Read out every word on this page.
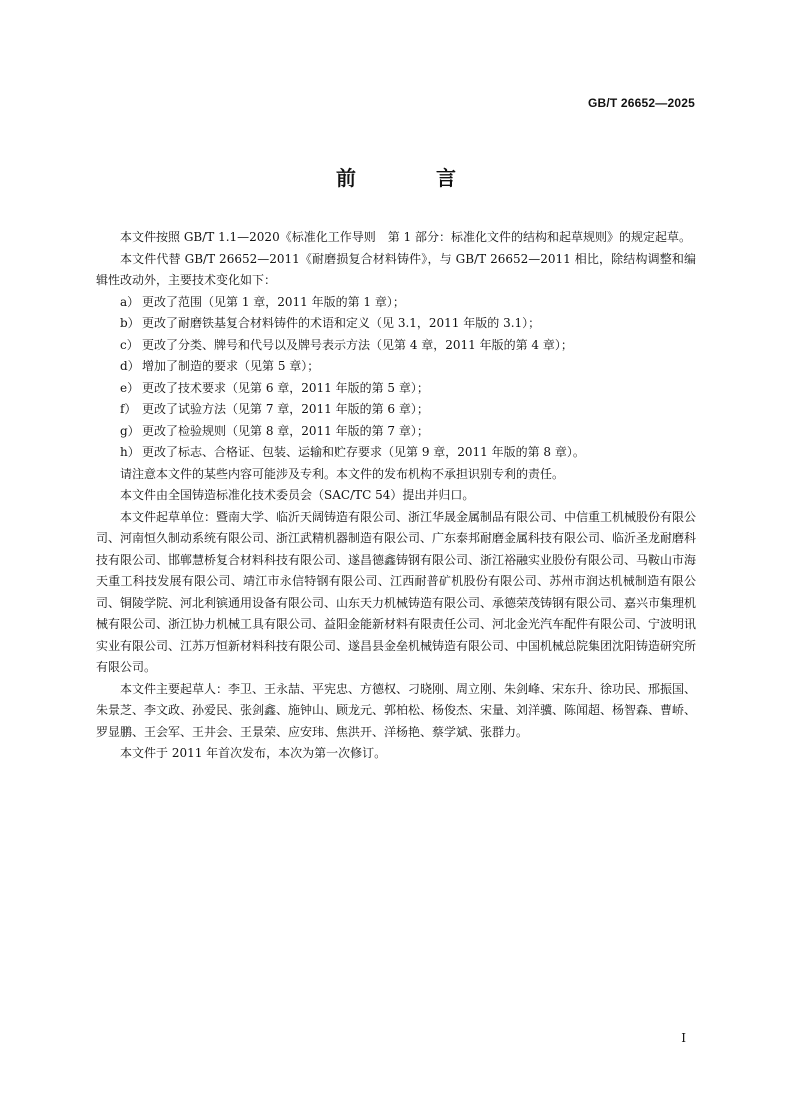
GB/T 26652—2025
前　言

本文件按照 GB/T 1.1—2020《标准化工作导则　第 1 部分：标准化文件的结构和起草规则》的规定起草。

本文件代替 GB/T 26652—2011《耐磨损复合材料铸件》，与 GB/T 26652—2011 相比，除结构调整和编辑性改动外，主要技术变化如下：

a） 更改了范围（见第 1 章，2011 年版的第 1 章）；
b） 更改了耐磨铁基复合材料铸件的术语和定义（见 3.1，2011 年版的 3.1）；
c） 更改了分类、牌号和代号以及牌号表示方法（见第 4 章，2011 年版的第 4 章）；
d） 增加了制造的要求（见第 5 章）；
e） 更改了技术要求（见第 6 章，2011 年版的第 5 章）；
f） 更改了试验方法（见第 7 章，2011 年版的第 6 章）；
g） 更改了检验规则（见第 8 章，2011 年版的第 7 章）；
h） 更改了标志、合格证、包装、运输和贮存要求（见第 9 章，2011 年版的第 8 章）。

请注意本文件的某些内容可能涉及专利。本文件的发布机构不承担识别专利的责任。

本文件由全国铸造标准化技术委员会（SAC/TC 54）提出并归口。

本文件起草单位：暨南大学、临沂天阔铸造有限公司、浙江华晟金属制品有限公司、中信重工机械股份有限公司、河南恒久制动系统有限公司、浙江武精机器制造有限公司、广东泰邦耐磨金属科技有限公司、临沂圣龙耐磨科技有限公司、邯郸慧桥复合材料科技有限公司、遂昌德鑫铸钢有限公司、浙江裕融实业股份有限公司、马鞍山市海天重工科技发展有限公司、靖江市永信特钢有限公司、江西耐普矿机股份有限公司、苏州市润达机械制造有限公司、铜陵学院、河北利镔通用设备有限公司、山东天力机械铸造有限公司、承德荣茂铸钢有限公司、嘉兴市集理机械有限公司、浙江协力机械工具有限公司、益阳金能新材料有限责任公司、河北金光汽车配件有限公司、宁波明讯实业有限公司、江苏万恒新材料科技有限公司、遂昌县金垒机械铸造有限公司、中国机械总院集团沈阳铸造研究所有限公司。

本文件主要起草人：李卫、王永喆、平宪忠、方德权、刁晓刚、周立刚、朱剑峰、宋东升、徐功民、邢振国、朱景芝、李文政、孙爱民、张剑鑫、施钟山、顾龙元、郭柏松、杨俊杰、宋量、刘洋骥、陈闻超、杨智森、曹峤、罗显鹏、王会军、王井会、王景荣、应安玮、焦洪开、洋杨艳、蔡学斌、张群力。

本文件于 2011 年首次发布，本次为第一次修订。

I
